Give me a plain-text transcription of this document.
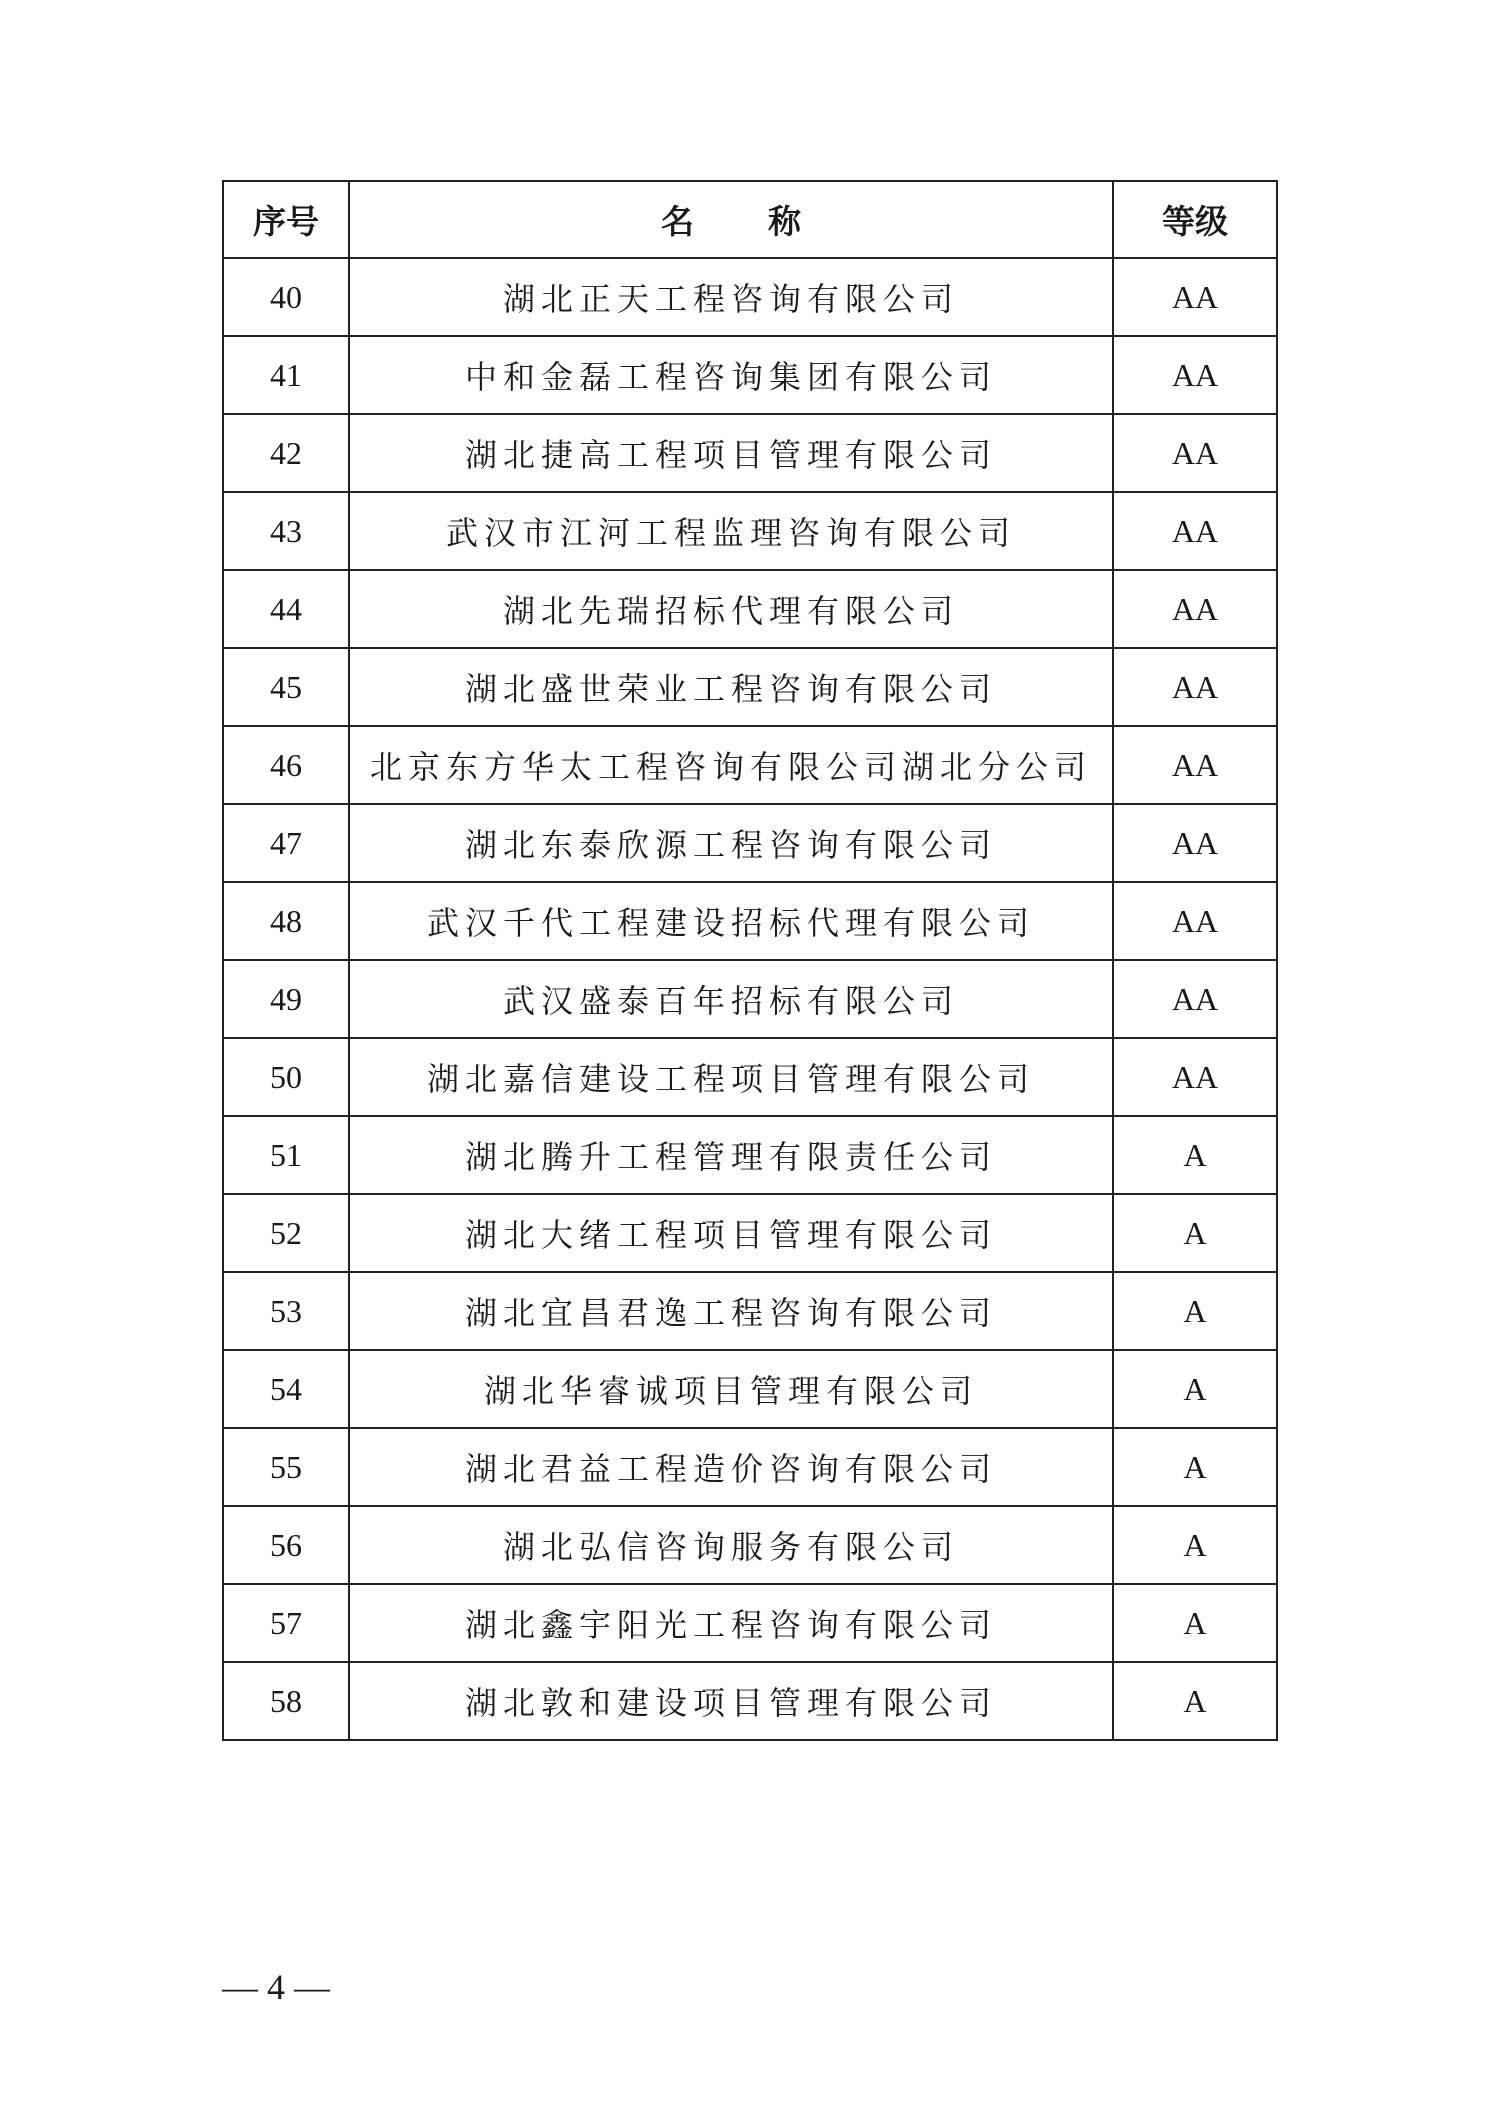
序号	名称	等级
40	湖北正天工程咨询有限公司	AA
41	中和金磊工程咨询集团有限公司	AA
42	湖北捷高工程项目管理有限公司	AA
43	武汉市江河工程监理咨询有限公司	AA
44	湖北先瑞招标代理有限公司	AA
45	湖北盛世荣业工程咨询有限公司	AA
46	北京东方华太工程咨询有限公司湖北分公司	AA
47	湖北东泰欣源工程咨询有限公司	AA
48	武汉千代工程建设招标代理有限公司	AA
49	武汉盛泰百年招标有限公司	AA
50	湖北嘉信建设工程项目管理有限公司	AA
51	湖北腾升工程管理有限责任公司	A
52	湖北大绪工程项目管理有限公司	A
53	湖北宜昌君逸工程咨询有限公司	A
54	湖北华睿诚项目管理有限公司	A
55	湖北君益工程造价咨询有限公司	A
56	湖北弘信咨询服务有限公司	A
57	湖北鑫宇阳光工程咨询有限公司	A
58	湖北敦和建设项目管理有限公司	A
— 4 —
